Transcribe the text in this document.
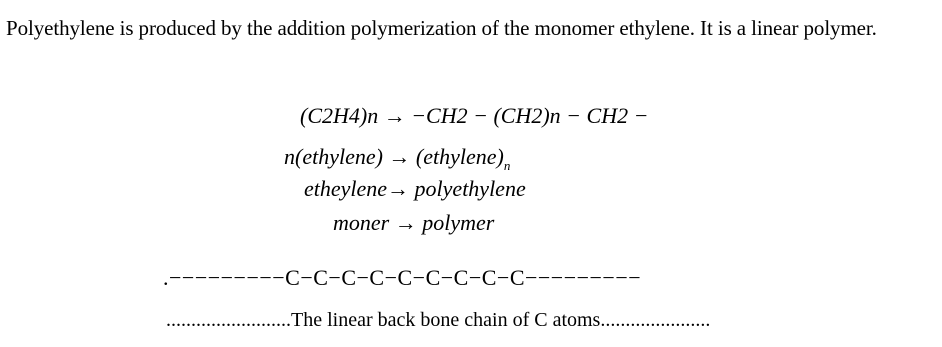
Polyethylene is produced by the addition polymerization of the monomer ethylene. It is a linear polymer.
(C2H4)n → −CH2 − (CH2)n − CH2 −
n(ethylene) → $(ethylene)_n$
etheylene→ polyethylene
moner → polymer
.−−−−−−−−−C−C−C−C−C−C−C−C−C−−−−−−−−−
.........................The linear back bone chain of C atoms......................
